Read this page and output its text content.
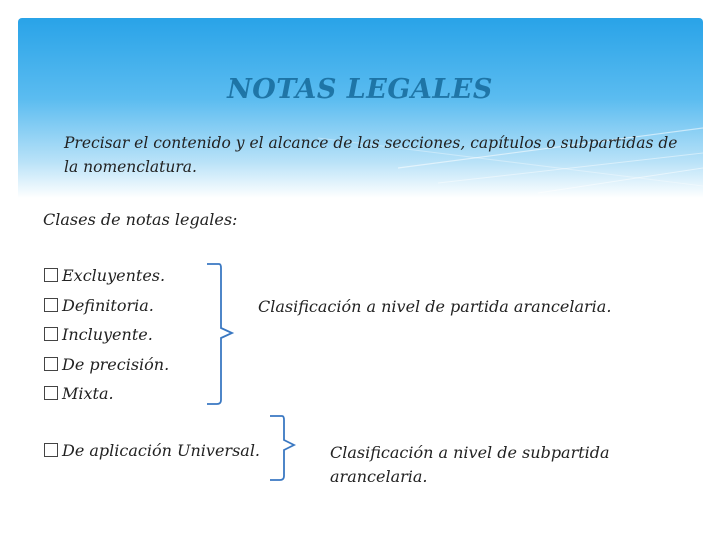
NOTAS LEGALES
Precisar el contenido y el alcance de las secciones, capítulos o subpartidas de la nomenclatura.
Clases de notas legales:
Excluyentes.
Definitoria.
Incluyente.
De precisión.
Mixta.
Clasificación a nivel de partida arancelaria.
De aplicación Universal.	Clasificación a nivel de subpartida arancelaria.
